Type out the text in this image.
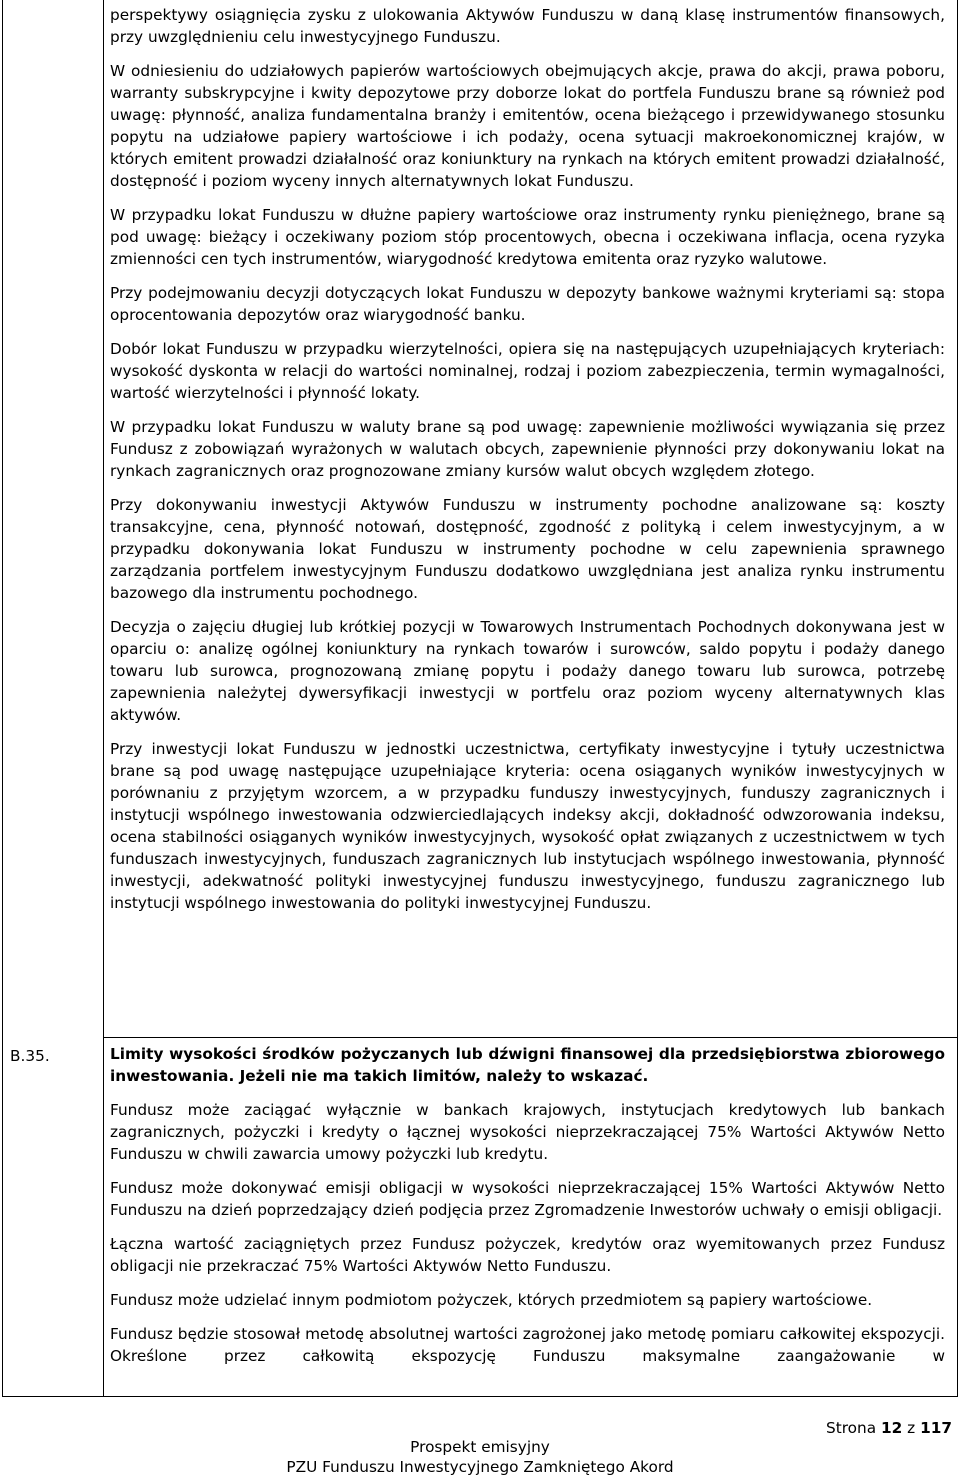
perspektywy osiągnięcia zysku z ulokowania Aktywów Funduszu w daną klasę instrumentów finansowych, przy uwzględnieniu celu inwestycyjnego Funduszu.

W odniesieniu do udziałowych papierów wartościowych obejmujących akcje, prawa do akcji, prawa poboru, warranty subskrypcyjne i kwity depozytowe przy doborze lokat do portfela Funduszu brane są również pod uwagę: płynność, analiza fundamentalna branży i emitentów, ocena bieżącego i przewidywanego stosunku popytu na udziałowe papiery wartościowe i ich podaży, ocena sytuacji makroekonomicznej krajów, w których emitent prowadzi działalność oraz koniunktury na rynkach na których emitent prowadzi działalność, dostępność i poziom wyceny innych alternatywnych lokat Funduszu.

W przypadku lokat Funduszu w dłużne papiery wartościowe oraz instrumenty rynku pieniężnego, brane są pod uwagę: bieżący i oczekiwany poziom stóp procentowych, obecna i oczekiwana inflacja, ocena ryzyka zmienności cen tych instrumentów, wiarygodność kredytowa emitenta oraz ryzyko walutowe.

Przy podejmowaniu decyzji dotyczących lokat Funduszu w depozyty bankowe ważnymi kryteriami są: stopa oprocentowania depozytów oraz wiarygodność banku.

Dobór lokat Funduszu w przypadku wierzytelności, opiera się na następujących uzupełniających kryteriach: wysokość dyskonta w relacji do wartości nominalnej, rodzaj i poziom zabezpieczenia, termin wymagalności, wartość wierzytelności i płynność lokaty.

W przypadku lokat Funduszu w waluty brane są pod uwagę: zapewnienie możliwości wywiązania się przez Fundusz z zobowiązań wyrażonych w walutach obcych, zapewnienie płynności przy dokonywaniu lokat na rynkach zagranicznych oraz prognozowane zmiany kursów walut obcych względem złotego.

Przy dokonywaniu inwestycji Aktywów Funduszu w instrumenty pochodne analizowane są: koszty transakcyjne, cena, płynność notowań, dostępność, zgodność z polityką i celem inwestycyjnym, a w przypadku dokonywania lokat Funduszu w instrumenty pochodne w celu zapewnienia sprawnego zarządzania portfelem inwestycyjnym Funduszu dodatkowo uwzględniana jest analiza rynku instrumentu bazowego dla instrumentu pochodnego.

Decyzja o zajęciu długiej lub krótkiej pozycji w Towarowych Instrumentach Pochodnych dokonywana jest w oparciu o: analizę ogólnej koniunktury na rynkach towarów i surowców, saldo popytu i podaży danego towaru lub surowca, prognozowaną zmianę popytu i podaży danego towaru lub surowca, potrzebę zapewnienia należytej dywersyfikacji inwestycji w portfelu oraz poziom wyceny alternatywnych klas aktywów.

Przy inwestycji lokat Funduszu w jednostki uczestnictwa, certyfikaty inwestycyjne i tytuły uczestnictwa brane są pod uwagę następujące uzupełniające kryteria: ocena osiąganych wyników inwestycyjnych w porównaniu z przyjętym wzorcem, a w przypadku funduszy inwestycyjnych, funduszy zagranicznych i instytucji wspólnego inwestowania odzwierciedlających indeksy akcji, dokładność odwzorowania indeksu, ocena stabilności osiąganych wyników inwestycyjnych, wysokość opłat związanych z uczestnictwem w tych funduszach inwestycyjnych, funduszach zagranicznych lub instytucjach wspólnego inwestowania, płynność inwestycji, adekwatność polityki inwestycyjnej funduszu inwestycyjnego, funduszu zagranicznego lub instytucji wspólnego inwestowania do polityki inwestycyjnej Funduszu.

B.35.	Limity wysokości środków pożyczanych lub dźwigni finansowej dla przedsiębiorstwa zbiorowego inwestowania. Jeżeli nie ma takich limitów, należy to wskazać.

Fundusz może zaciągać wyłącznie w bankach krajowych, instytucjach kredytowych lub bankach zagranicznych, pożyczki i kredyty o łącznej wysokości nieprzekraczającej 75% Wartości Aktywów Netto Funduszu w chwili zawarcia umowy pożyczki lub kredytu.

Fundusz może dokonywać emisji obligacji w wysokości nieprzekraczającej 15% Wartości Aktywów Netto Funduszu na dzień poprzedzający dzień podjęcia przez Zgromadzenie Inwestorów uchwały o emisji obligacji.

Łączna wartość zaciągniętych przez Fundusz pożyczek, kredytów oraz wyemitowanych przez Fundusz obligacji nie przekraczać 75% Wartości Aktywów Netto Funduszu.

Fundusz może udzielać innym podmiotom pożyczek, których przedmiotem są papiery wartościowe.

Fundusz będzie stosował metodę absolutnej wartości zagrożonej jako metodę pomiaru całkowitej ekspozycji. Określone przez całkowitą ekspozycję Funduszu maksymalne zaangażowanie w

Strona 12 z 117
Prospekt emisyjny
PZU Funduszu Inwestycyjnego Zamkniętego Akord
